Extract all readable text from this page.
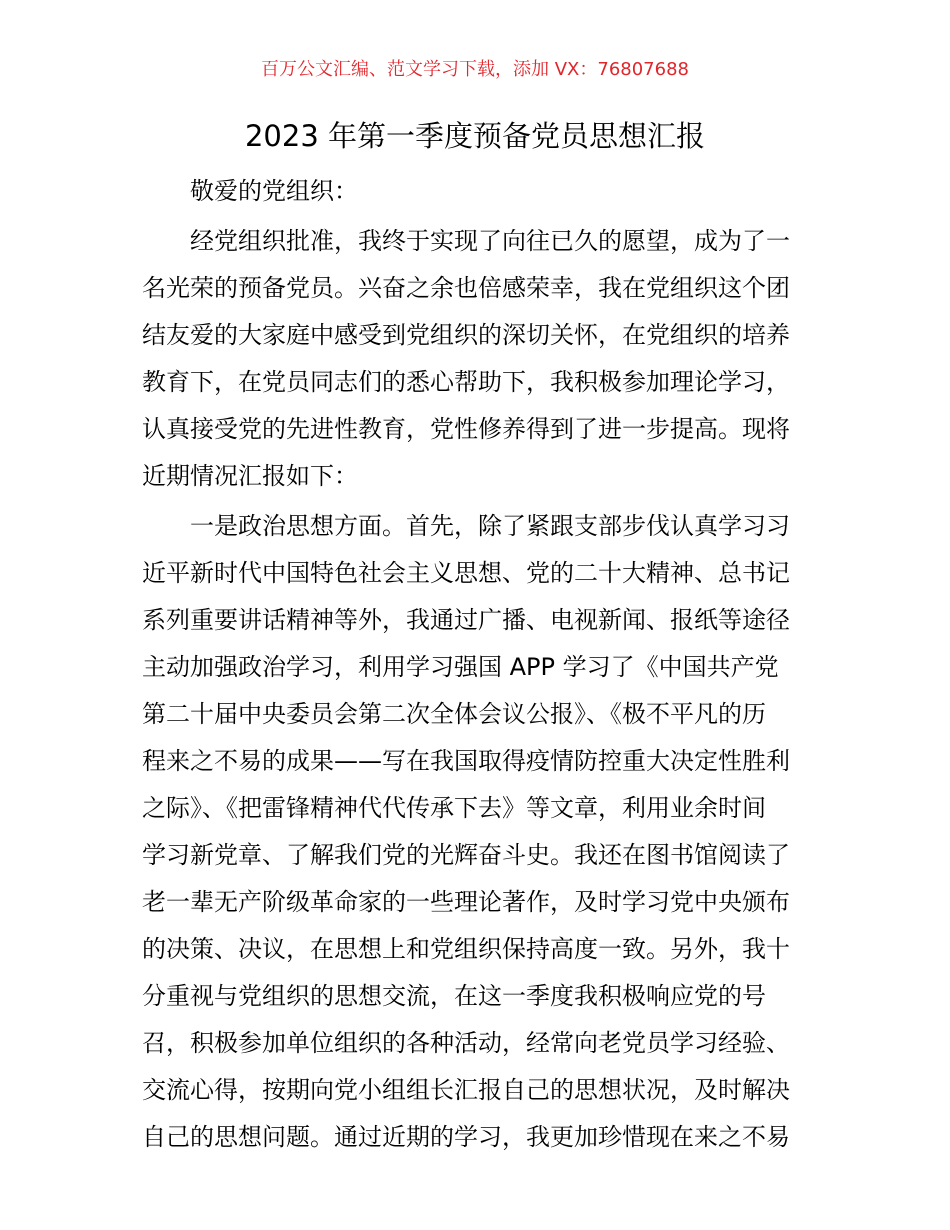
百万公文汇编、范文学习下载，添加 VX：76807688
2023 年第一季度预备党员思想汇报
敬爱的党组织：
经党组织批准，我终于实现了向往已久的愿望，成为了一
名光荣的预备党员。兴奋之余也倍感荣幸，我在党组织这个团
结友爱的大家庭中感受到党组织的深切关怀，在党组织的培养
教育下，在党员同志们的悉心帮助下，我积极参加理论学习，
认真接受党的先进性教育，党性修养得到了进一步提高。现将
近期情况汇报如下：
一是政治思想方面。首先，除了紧跟支部步伐认真学习习
近平新时代中国特色社会主义思想、党的二十大精神、总书记
系列重要讲话精神等外，我通过广播、电视新闻、报纸等途径
主动加强政治学习，利用学习强国 APP 学习了《中国共产党
第二十届中央委员会第二次全体会议公报》、《极不平凡的历
程来之不易的成果——写在我国取得疫情防控重大决定性胜利
之际》、《把雷锋精神代代传承下去》等文章，利用业余时间
学习新党章、了解我们党的光辉奋斗史。我还在图书馆阅读了
老一辈无产阶级革命家的一些理论著作，及时学习党中央颁布
的决策、决议，在思想上和党组织保持高度一致。另外，我十
分重视与党组织的思想交流，在这一季度我积极响应党的号
召，积极参加单位组织的各种活动，经常向老党员学习经验、
交流心得，按期向党小组组长汇报自己的思想状况，及时解决
自己的思想问题。通过近期的学习，我更加珍惜现在来之不易
